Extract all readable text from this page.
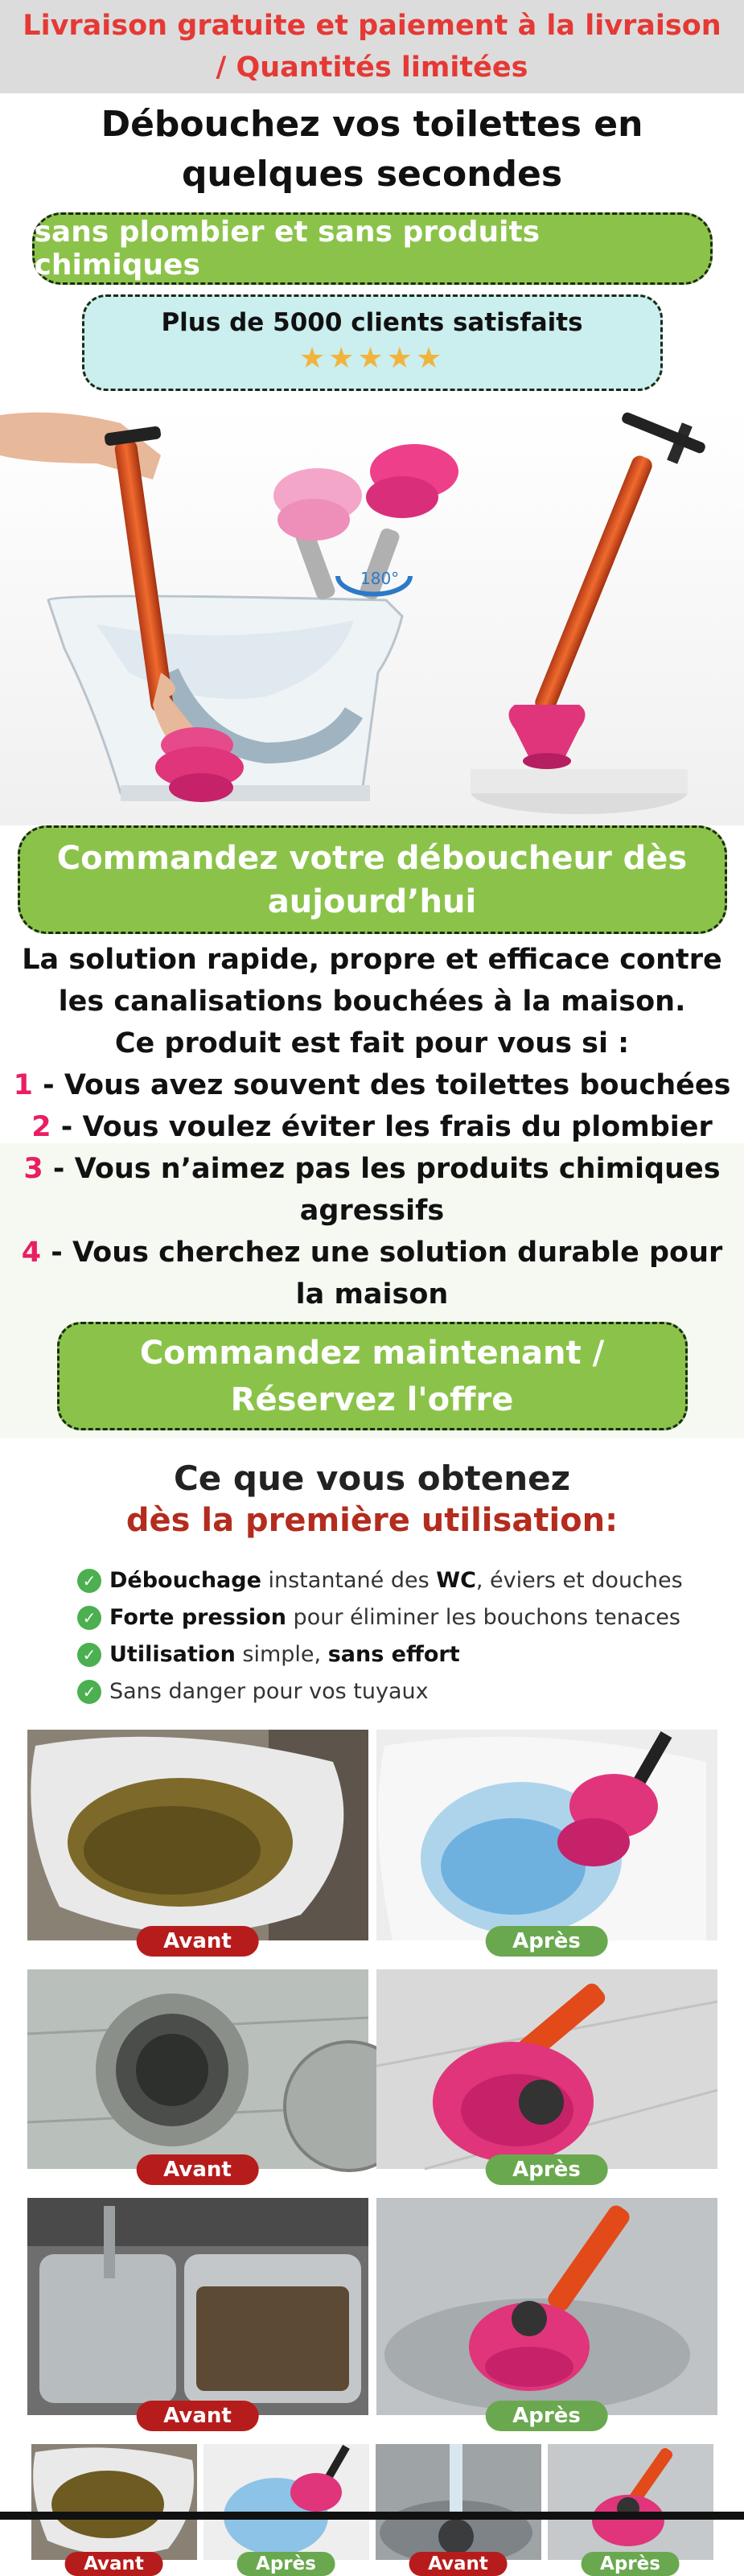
Livraison gratuite et paiement à la livraison / Quantités limitées
Débouchez vos toilettes en quelques secondes
sans plombier et sans produits chimiques
Plus de 5000 clients satisfaits
★★★★★
180°
Commandez votre déboucheur dès aujourd’hui

La solution rapide, propre et efficace contre les canalisations bouchées à la maison.

Ce produit est fait pour vous si :

1 - Vous avez souvent des toilettes bouchées

2 - Vous voulez éviter les frais du plombier

3 - Vous n’aimez pas les produits chimiques agressifs

4 - Vous cherchez une solution durable pour la maison

Commandez maintenant / Réservez l'offre
Ce que vous obtenez
dès la première utilisation:
✓ Débouchage instantané des WC, éviers et douches
✓ Forte pression pour éliminer les bouchons tenaces
✓ Utilisation simple, sans effort
✓ Sans danger pour vos tuyaux
Avant	Après
Avant	Après
Avant	Après
Avant	Après	Avant	Après
